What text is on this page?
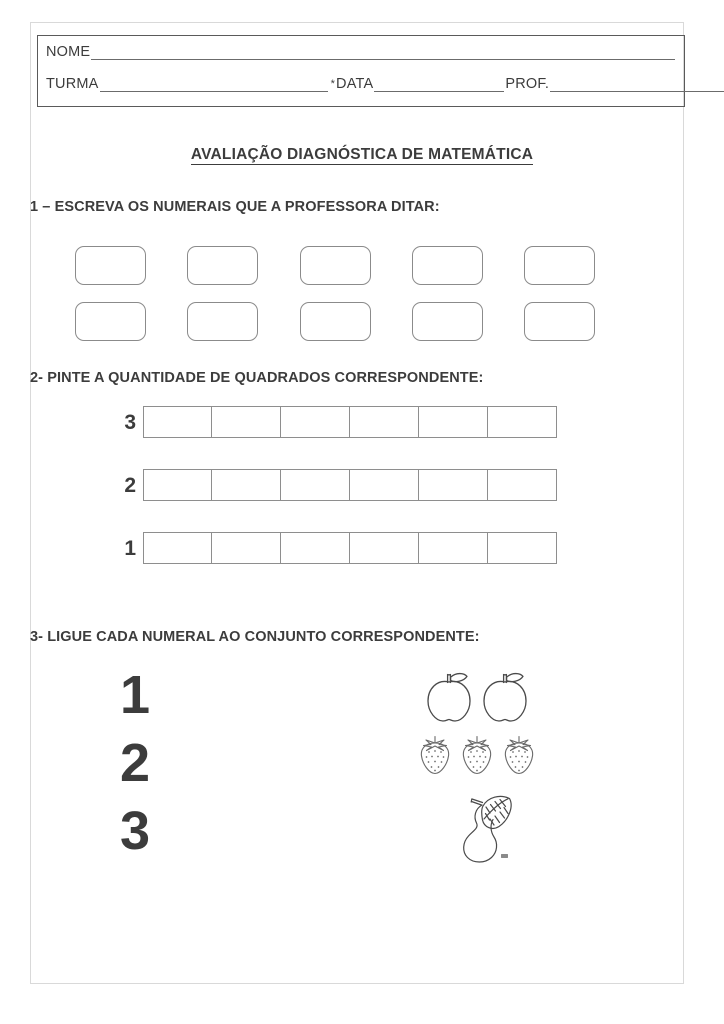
NOME
TURMA	* DATA	PROF.
AVALIAÇÃO DIAGNÓSTICA DE MATEMÁTICA
1 – ESCREVA OS NUMERAIS QUE A PROFESSORA DITAR:
2- PINTE A QUANTIDADE DE QUADRADOS CORRESPONDENTE:
3
2
1
3- LIGUE CADA NUMERAL AO CONJUNTO CORRESPONDENTE:
1
2
3
